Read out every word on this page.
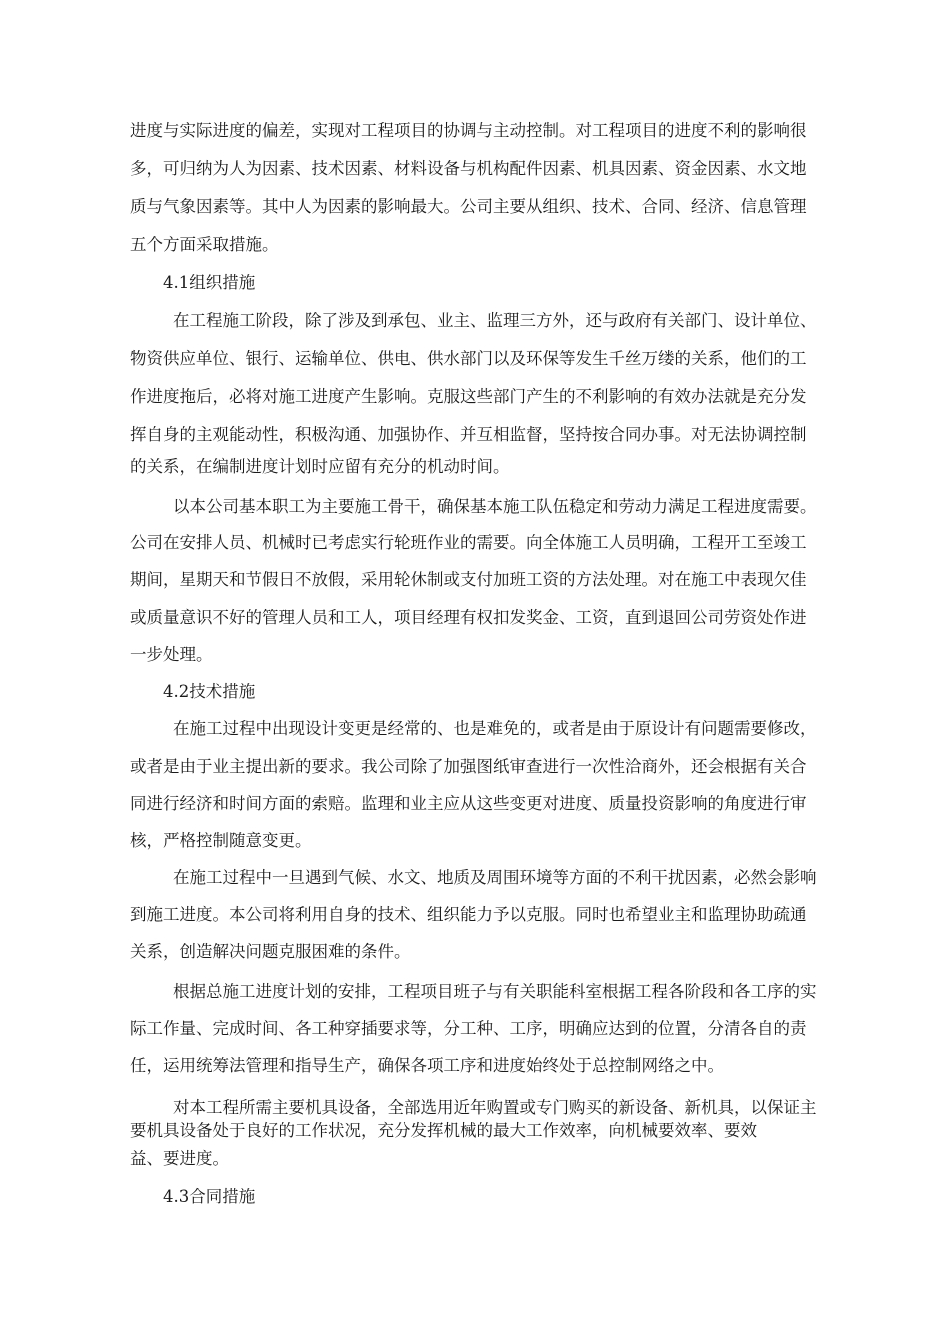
进度与实际进度的偏差，实现对工程项目的协调与主动控制。对工程项目的进度不利的影响很
多，可归纳为人为因素、技术因素、材料设备与机构配件因素、机具因素、资金因素、水文地
质与气象因素等。其中人为因素的影响最大。公司主要从组织、技术、合同、经济、信息管理
五个方面采取措施。
4.1组织措施
在工程施工阶段，除了涉及到承包、业主、监理三方外，还与政府有关部门、设计单位、
物资供应单位、银行、运输单位、供电、供水部门以及环保等发生千丝万缕的关系，他们的工
作进度拖后，必将对施工进度产生影响。克服这些部门产生的不利影响的有效办法就是充分发
挥自身的主观能动性，积极沟通、加强协作、并互相监督，坚持按合同办事。对无法协调控制
的关系，在编制进度计划时应留有充分的机动时间。
以本公司基本职工为主要施工骨干，确保基本施工队伍稳定和劳动力满足工程进度需要。
公司在安排人员、机械时已考虑实行轮班作业的需要。向全体施工人员明确，工程开工至竣工
期间，星期天和节假日不放假，采用轮休制或支付加班工资的方法处理。对在施工中表现欠佳
或质量意识不好的管理人员和工人，项目经理有权扣发奖金、工资，直到退回公司劳资处作进
一步处理。
4.2技术措施
在施工过程中出现设计变更是经常的、也是难免的，或者是由于原设计有问题需要修改，
或者是由于业主提出新的要求。我公司除了加强图纸审查进行一次性洽商外，还会根据有关合
同进行经济和时间方面的索赔。监理和业主应从这些变更对进度、质量投资影响的角度进行审
核，严格控制随意变更。
在施工过程中一旦遇到气候、水文、地质及周围环境等方面的不利干扰因素，必然会影响
到施工进度。本公司将利用自身的技术、组织能力予以克服。同时也希望业主和监理协助疏通
关系，创造解决问题克服困难的条件。
根据总施工进度计划的安排，工程项目班子与有关职能科室根据工程各阶段和各工序的实
际工作量、完成时间、各工种穿插要求等，分工种、工序，明确应达到的位置，分清各自的责
任，运用统筹法管理和指导生产，确保各项工序和进度始终处于总控制网络之中。
对本工程所需主要机具设备，全部选用近年购置或专门购买的新设备、新机具，以保证主
要机具设备处于良好的工作状况，充分发挥机械的最大工作效率，向机械要效率、要效
益、要进度。
4.3合同措施
